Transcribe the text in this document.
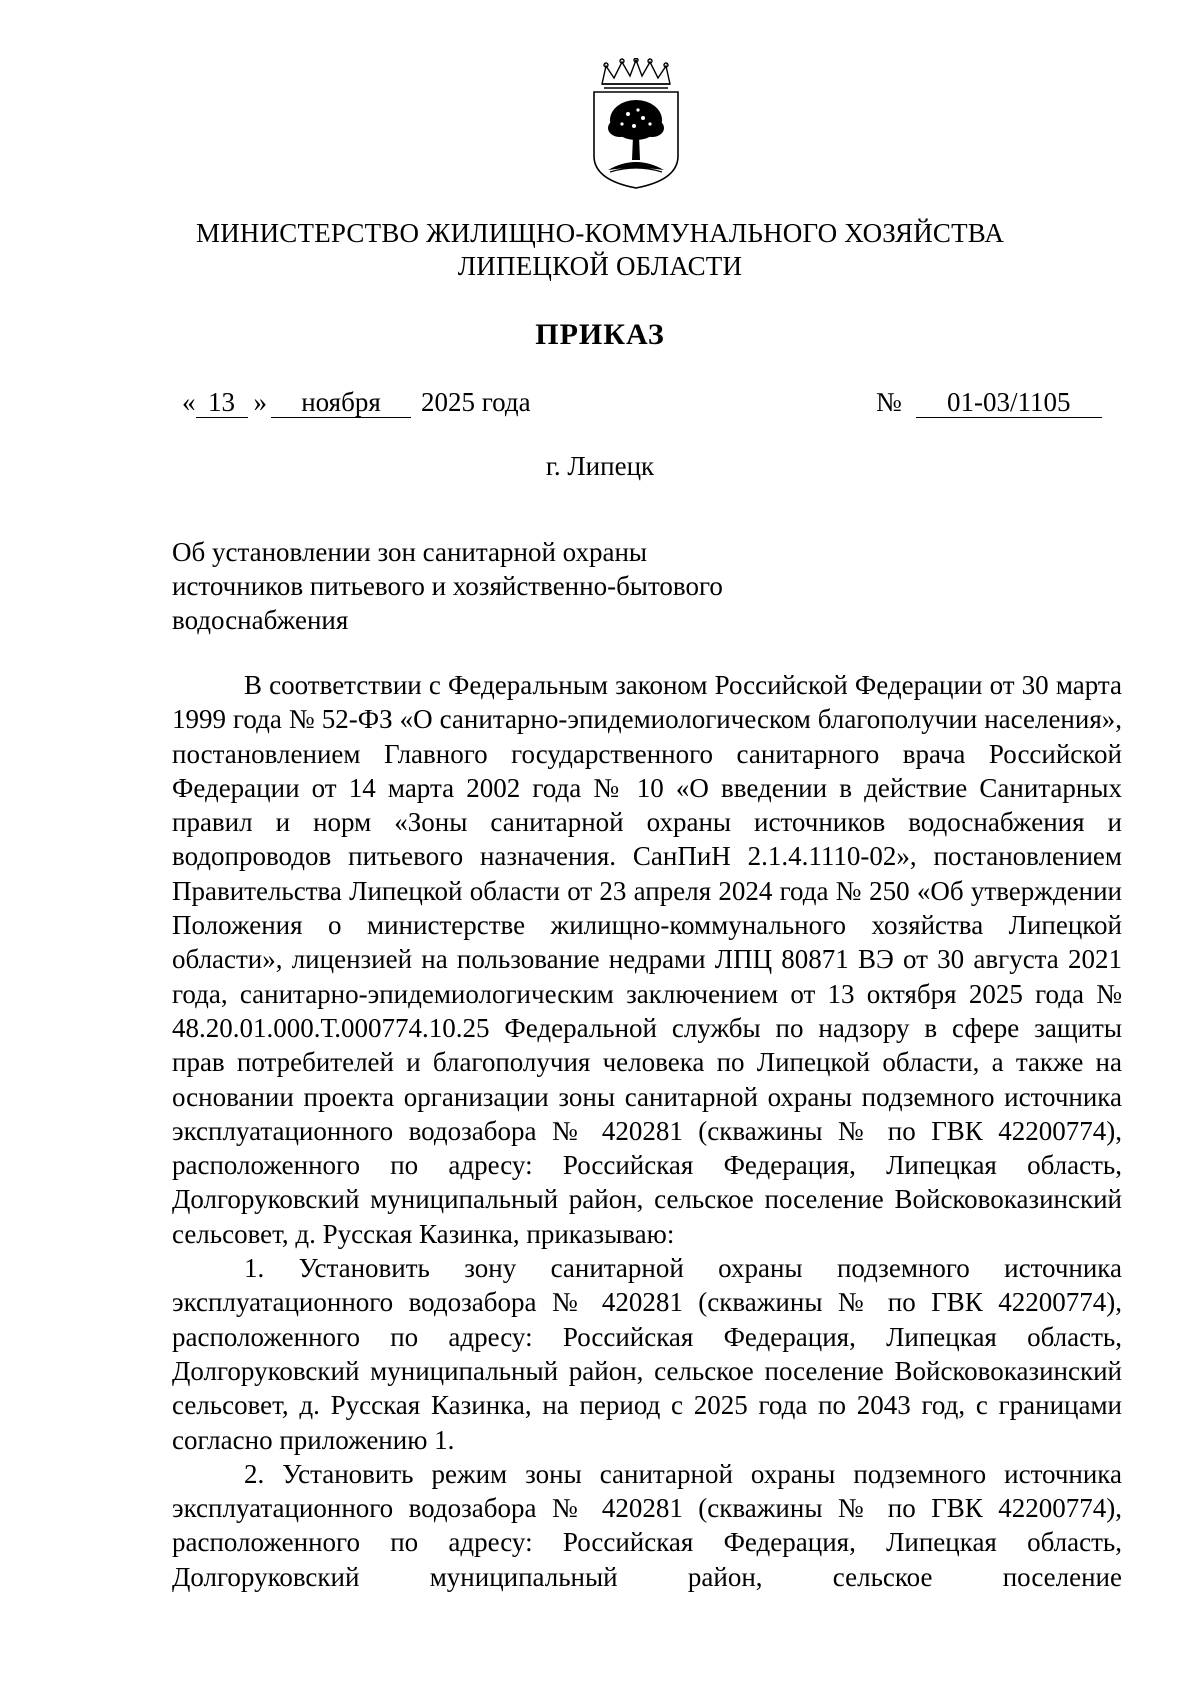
МИНИСТЕРСТВО ЖИЛИЩНО-КОММУНАЛЬНОГО ХОЗЯЙСТВА
ЛИПЕЦКОЙ ОБЛАСТИ
ПРИКАЗ
« 13 » ноября 2025 года	№ 01-03/1105
г. Липецк
Об установлении зон санитарной охраны
источников питьевого и хозяйственно-бытового
водоснабжения

В соответствии с Федеральным законом Российской Федерации от 30 марта 1999 года № 52-ФЗ «О санитарно-эпидемиологическом благополучии населения», постановлением Главного государственного санитарного врача Российской Федерации от 14 марта 2002 года № 10 «О введении в действие Санитарных правил и норм «Зоны санитарной охраны источников водоснабжения и водопроводов питьевого назначения. СанПиН 2.1.4.1110-02», постановлением Правительства Липецкой области от 23 апреля 2024 года № 250 «Об утверждении Положения о министерстве жилищно-коммунального хозяйства Липецкой области», лицензией на пользование недрами ЛПЦ 80871 ВЭ от 30 августа 2021 года, санитарно-эпидемиологическим заключением от 13 октября 2025 года № 48.20.01.000.Т.000774.10.25 Федеральной службы по надзору в сфере защиты прав потребителей и благополучия человека по Липецкой области, а также на основании проекта организации зоны санитарной охраны подземного источника эксплуатационного водозабора № 420281 (скважины № по ГВК 42200774), расположенного по адресу: Российская Федерация, Липецкая область, Долгоруковский муниципальный район, сельское поселение Войсковоказинский сельсовет, д. Русская Казинка, приказываю:

1. Установить зону санитарной охраны подземного источника эксплуатационного водозабора № 420281 (скважины № по ГВК 42200774), расположенного по адресу: Российская Федерация, Липецкая область, Долгоруковский муниципальный район, сельское поселение Войсковоказинский сельсовет, д. Русская Казинка, на период с 2025 года по 2043 год, с границами согласно приложению 1.

2. Установить режим зоны санитарной охраны подземного источника эксплуатационного водозабора № 420281 (скважины № по ГВК 42200774), расположенного по адресу: Российская Федерация, Липецкая область, Долгоруковский муниципальный район, сельское поселение
